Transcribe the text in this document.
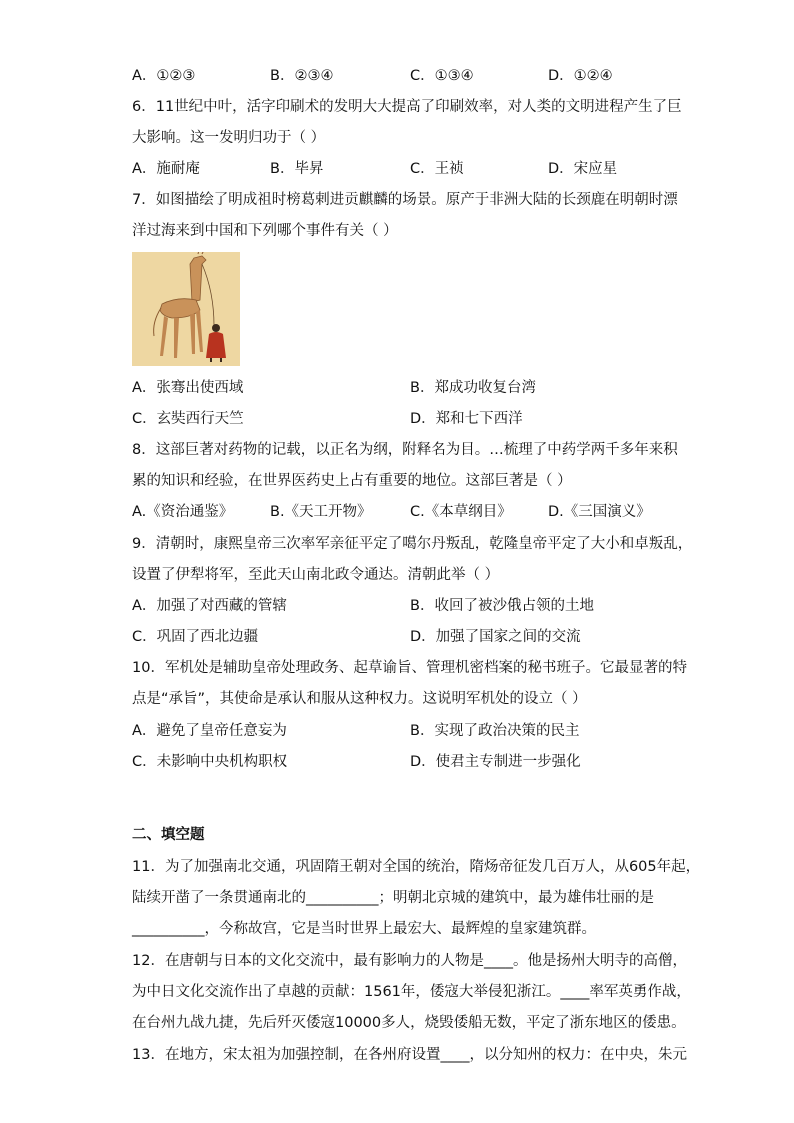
A．①②③	B．②③④	C．①③④	D．①②④
6．11世纪中叶，活字印刷术的发明大大提高了印刷效率，对人类的文明进程产生了巨
大影响。这一发明归功于（ ）
A．施耐庵	B．毕昇	C．王祯	D．宋应星
7．如图描绘了明成祖时榜葛剌进贡麒麟的场景。原产于非洲大陆的长颈鹿在明朝时漂
洋过海来到中国和下列哪个事件有关（ ）
A．张骞出使西域	B．郑成功收复台湾
C．玄奘西行天竺	D．郑和七下西洋
8．这部巨著对药物的记载，以正名为纲，附释名为目。…梳理了中药学两千多年来积
累的知识和经验，在世界医药史上占有重要的地位。这部巨著是（ ）
A.《资治通鉴》	B.《天工开物》	C.《本草纲目》	D.《三国演义》
9．清朝时，康熙皇帝三次率军亲征平定了噶尔丹叛乱，乾隆皇帝平定了大小和卓叛乱，
设置了伊犁将军，至此天山南北政令通达。清朝此举（ ）
A．加强了对西藏的管辖	B．收回了被沙俄占领的土地
C．巩固了西北边疆	D．加强了国家之间的交流
10．军机处是辅助皇帝处理政务、起草谕旨、管理机密档案的秘书班子。它最显著的特
点是“承旨”，其使命是承认和服从这种权力。这说明军机处的设立（ ）
A．避免了皇帝任意妄为	B．实现了政治决策的民主
C．未影响中央机构职权	D．使君主专制进一步强化
二、填空题
11．为了加强南北交通，巩固隋王朝对全国的统治，隋炀帝征发几百万人，从605年起，
陆续开凿了一条贯通南北的__________；明朝北京城的建筑中，最为雄伟壮丽的是
__________，今称故宫，它是当时世界上最宏大、最辉煌的皇家建筑群。
12．在唐朝与日本的文化交流中，最有影响力的人物是____。他是扬州大明寺的高僧，
为中日文化交流作出了卓越的贡献：1561年，倭寇大举侵犯浙江。____率军英勇作战，
在台州九战九捷，先后歼灭倭寇10000多人，烧毁倭船无数，平定了浙东地区的倭患。
13．在地方，宋太祖为加强控制，在各州府设置____，以分知州的权力：在中央，朱元
